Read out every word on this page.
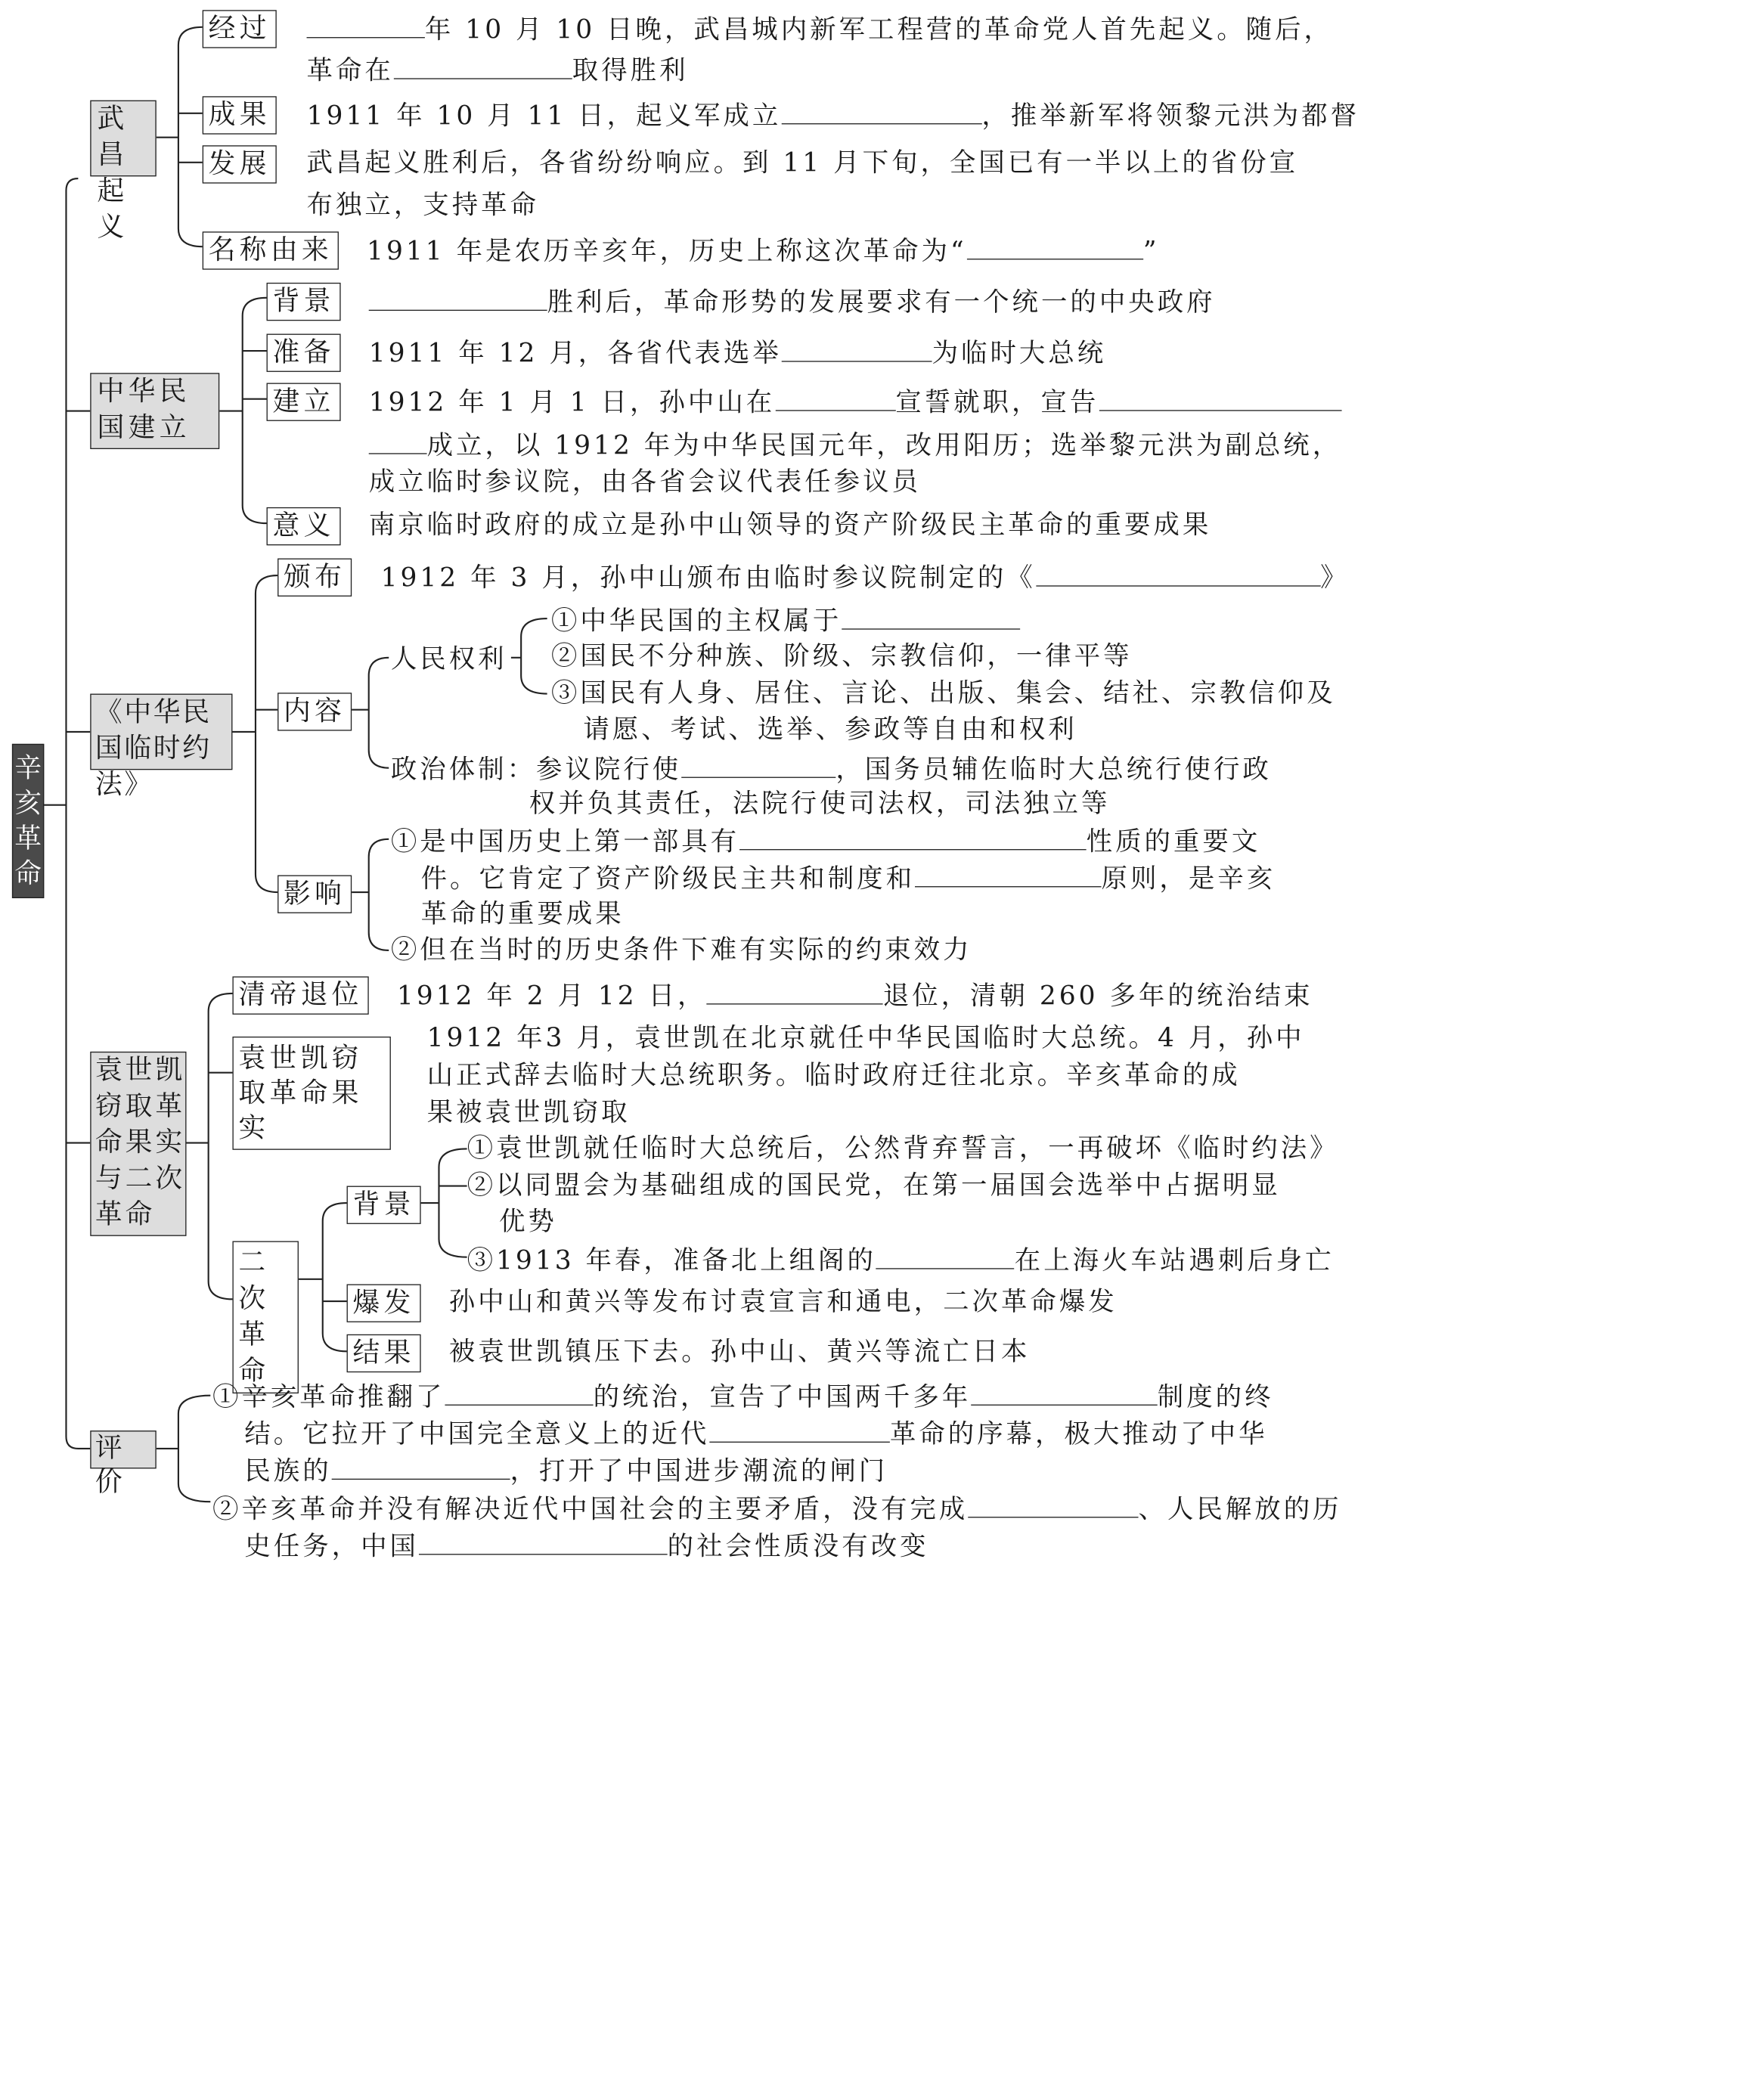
辛亥革命
武昌起义
经过	年 10 月 10 日晚，武昌城内新军工程营的革命党人首先起义。随后，
革命在	取得胜利
成果	1911 年 10 月 11 日，起义军成立	，推举新军将领黎元洪为都督
发展	武昌起义胜利后，各省纷纷响应。到 11 月下旬，全国已有一半以上的省份宣
布独立，支持革命
名称由来	1911 年是农历辛亥年，历史上称这次革命为“	”
中华民国建立
背景	胜利后，革命形势的发展要求有一个统一的中央政府
准备	1911 年 12 月，各省代表选举	为临时大总统
建立	1912 年 1 月 1 日，孙中山在	宣誓就职，宣告
成立，以 1912 年为中华民国元年，改用阳历；选举黎元洪为副总统，
成立临时参议院，由各省会议代表任参议员
意义	南京临时政府的成立是孙中山领导的资产阶级民主革命的重要成果
《中华民国临时约法》
颁布	1912 年 3 月，孙中山颁布由临时参议院制定的《	》
内容
人民权利
①中华民国的主权属于
②国民不分种族、阶级、宗教信仰，一律平等
③国民有人身、居住、言论、出版、集会、结社、宗教信仰及
请愿、考试、选举、参政等自由和权利
政治体制：参议院行使	，国务员辅佐临时大总统行使行政
权并负其责任，法院行使司法权，司法独立等
影响
①是中国历史上第一部具有	性质的重要文
件。它肯定了资产阶级民主共和制度和	原则，是辛亥
革命的重要成果
②但在当时的历史条件下难有实际的约束效力
袁世凯窃取革命果实与二次革命
清帝退位	1912 年 2 月 12 日，	退位，清朝 260 多年的统治结束
袁世凯窃取革命果实
1912 年3 月，袁世凯在北京就任中华民国临时大总统。4 月，孙中
山正式辞去临时大总统职务。临时政府迁往北京。辛亥革命的成
果被袁世凯窃取
二次革命
背景
①袁世凯就任临时大总统后，公然背弃誓言，一再破坏《临时约法》
②以同盟会为基础组成的国民党，在第一届国会选举中占据明显
优势
③1913 年春，准备北上组阁的	在上海火车站遇刺后身亡
爆发	孙中山和黄兴等发布讨袁宣言和通电，二次革命爆发
结果	被袁世凯镇压下去。孙中山、黄兴等流亡日本
评价
①辛亥革命推翻了	的统治，宣告了中国两千多年	制度的终
结。它拉开了中国完全意义上的近代	革命的序幕，极大推动了中华
民族的	，打开了中国进步潮流的闸门
②辛亥革命并没有解决近代中国社会的主要矛盾，没有完成	、人民解放的历
史任务，中国	的社会性质没有改变
